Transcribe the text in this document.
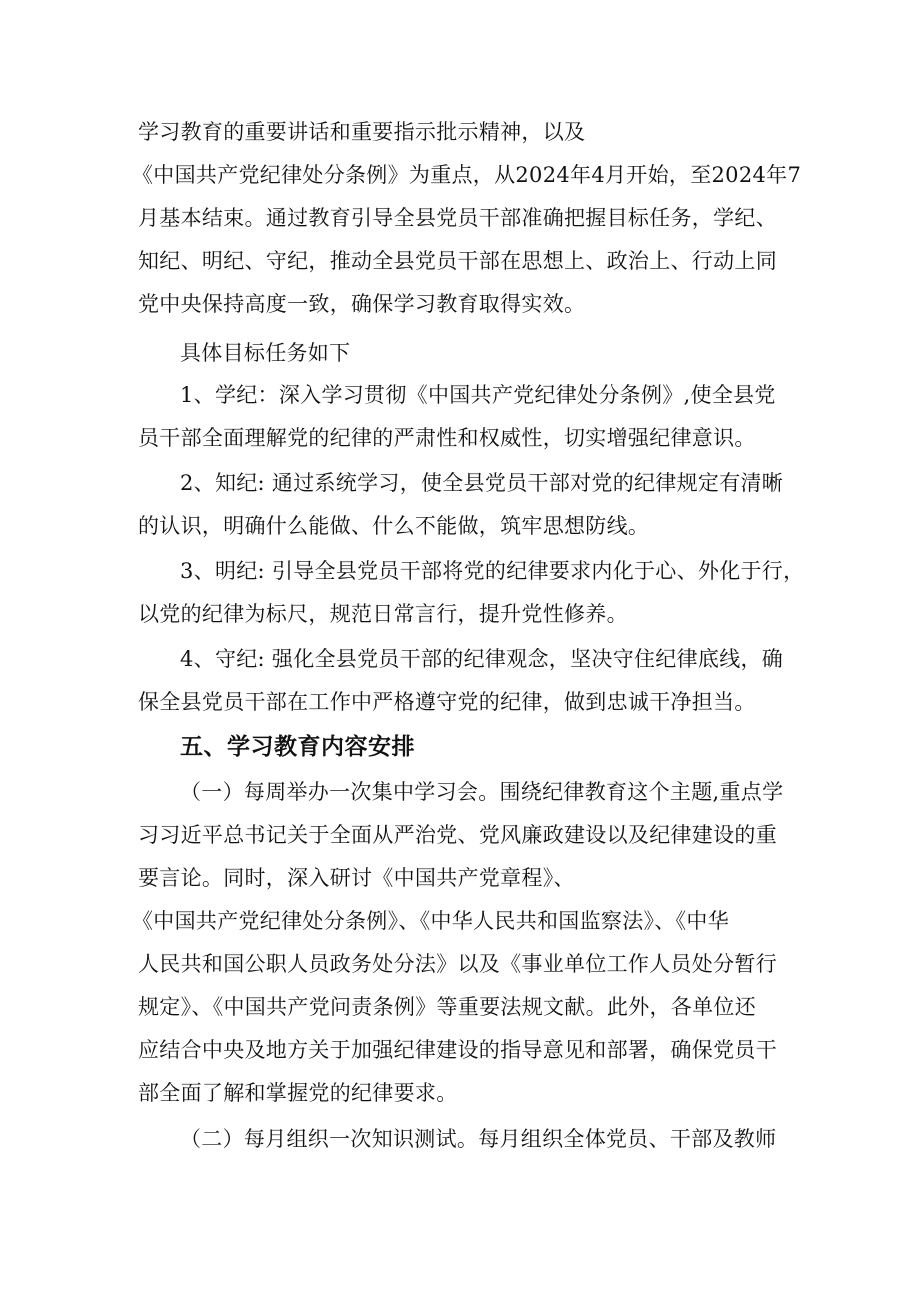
学习教育的重要讲话和重要指示批示精神，以及
《中国共产党纪律处分条例》为重点，从2024年4月开始，至2024年7
月基本结束。通过教育引导全县党员干部准确把握目标任务，学纪、
知纪、明纪、守纪，推动全县党员干部在思想上、政治上、行动上同
党中央保持高度一致，确保学习教育取得实效。
具体目标任务如下
1、学纪：深入学习贯彻《中国共产党纪律处分条例》,使全县党
员干部全面理解党的纪律的严肃性和权威性，切实增强纪律意识。
2、知纪: 通过系统学习，使全县党员干部对党的纪律规定有清晰
的认识，明确什么能做、什么不能做，筑牢思想防线。
3、明纪: 引导全县党员干部将党的纪律要求内化于心、外化于行，
以党的纪律为标尺，规范日常言行，提升党性修养。
4、守纪: 强化全县党员干部的纪律观念，坚决守住纪律底线，确
保全县党员干部在工作中严格遵守党的纪律，做到忠诚干净担当。
五、学习教育内容安排
（一）每周举办一次集中学习会。围绕纪律教育这个主题,重点学
习习近平总书记关于全面从严治党、党风廉政建设以及纪律建设的重
要言论。同时，深入研讨《中国共产党章程》、
《中国共产党纪律处分条例》、《中华人民共和国监察法》、《中华
人民共和国公职人员政务处分法》以及《事业单位工作人员处分暂行
规定》、《中国共产党问责条例》等重要法规文献。此外，各单位还
应结合中央及地方关于加强纪律建设的指导意见和部署，确保党员干
部全面了解和掌握党的纪律要求。
（二）每月组织一次知识测试。每月组织全体党员、干部及教师
